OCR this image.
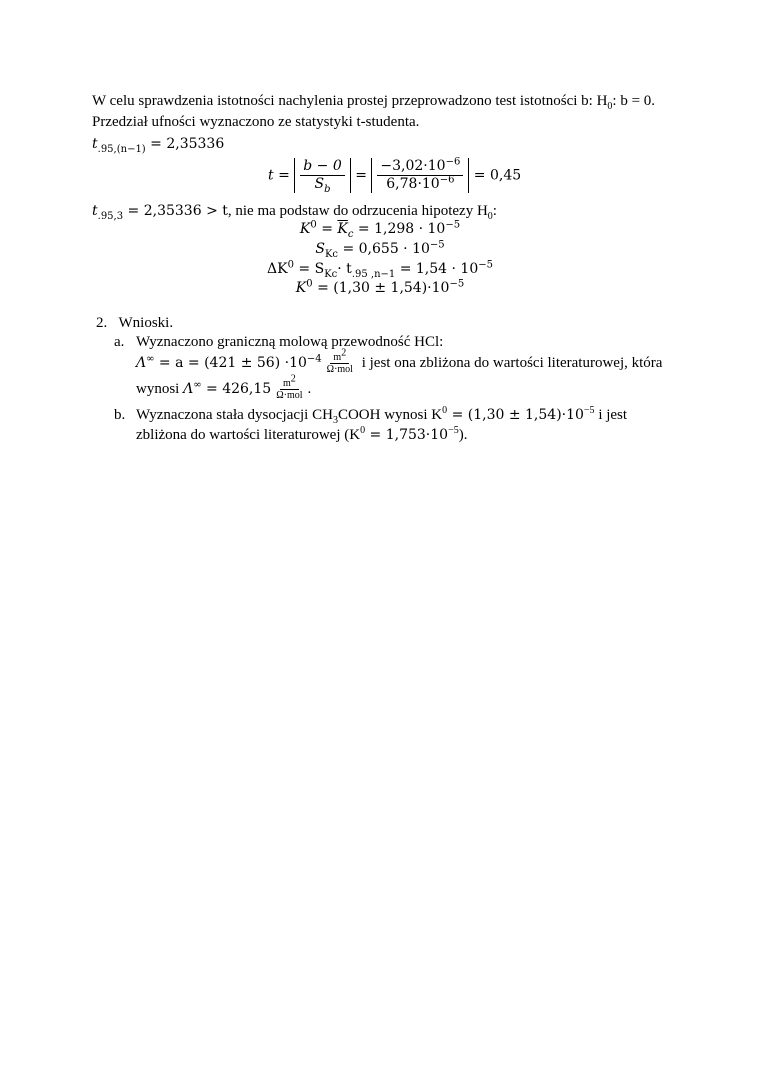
W celu sprawdzenia istotności nachylenia prostej przeprowadzono test istotności b: $H_0$: b = 0.
Przedział ufności wyznaczono ze statystyki t-studenta.
$t_{.95,(n-1)} = 2,35336$
$t = \frac{b - 0}{S_b} = \frac{-3,02\cdot 10^{-6}}{6,78\cdot 10^{-6}} = 0,45$
$t_{.95,3} = 2,35336 > t$, nie ma podstaw do odrzucenia hipotezy $H_0$:
$K^0 = \overline{K}_c = 1,298 \cdot 10^{-5}$
$S_{Kc} = 0,655 \cdot 10^{-5}$
$\Delta K^0 = S_{Kc}\cdot t_{.95 ,n-1} = 1,54 \cdot 10^{-5}$
$K^0 = (1,30 \pm 1,54)\cdot 10^{-5}$
2. Wnioski.
a. Wyznaczono graniczną molową przewodność HCl:
$\Lambda^\infty = a = (421 \pm 56) \cdot 10^{-4} \frac{m^2}{\text{Ω·mol}}$ i jest ona zbliżona do wartości literaturowej, która
wynosi $\Lambda^\infty = 426,15 \frac{m^2}{\text{Ω·mol}}$ .
b. Wyznaczona stała dysocjacji $CH_3COOH$ wynosi $K^0 = (1,30 \pm 1,54)\cdot 10^{-5}$ i jest
zbliżona do wartości literaturowej $(K^0 = 1,753\cdot 10^{-5})$.
